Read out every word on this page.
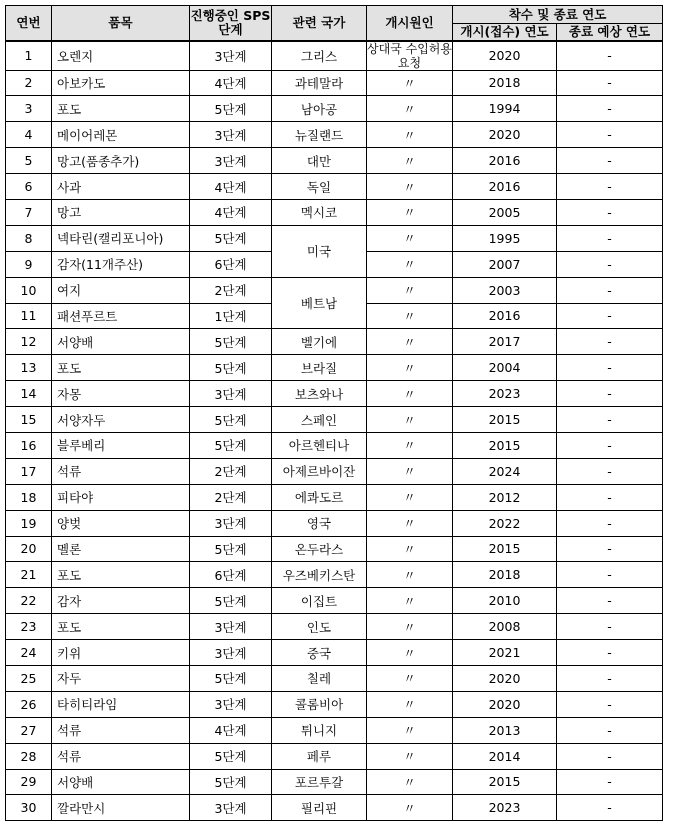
연번	품목	진행중인 SPS 단계	관련 국가	개시원인	착수 및 종료 연도	
					개시(접수) 연도	종료 예상 연도
1	오렌지	3단계	그리스	상대국 수입허용 요청	2020	-
2	아보카도	4단계	과테말라	〃	2018	-
3	포도	5단계	남아공	〃	1994	-
4	메이어레몬	3단계	뉴질랜드	〃	2020	-
5	망고(품종추가)	3단계	대만	〃	2016	-
6	사과	4단계	독일	〃	2016	-
7	망고	4단계	멕시코	〃	2005	-
8	넥타린(캘리포니아)	5단계	미국	〃	1995	-
9	감자(11개주산)	6단계		〃	2007	-
10	여지	2단계	베트남	〃	2003	-
11	패션푸르트	1단계		〃	2016	-
12	서양배	5단계	벨기에	〃	2017	-
13	포도	5단계	브라질	〃	2004	-
14	자몽	3단계	보츠와나	〃	2023	-
15	서양자두	5단계	스페인	〃	2015	-
16	블루베리	5단계	아르헨티나	〃	2015	-
17	석류	2단계	아제르바이잔	〃	2024	-
18	피타야	2단계	에콰도르	〃	2012	-
19	양벚	3단계	영국	〃	2022	-
20	멜론	5단계	온두라스	〃	2015	-
21	포도	6단계	우즈베키스탄	〃	2018	-
22	감자	5단계	이집트	〃	2010	-
23	포도	3단계	인도	〃	2008	-
24	키위	3단계	중국	〃	2021	-
25	자두	5단계	칠레	〃	2020	-
26	타히티라임	3단계	콜롬비아	〃	2020	-
27	석류	4단계	튀니지	〃	2013	-
28	석류	5단계	페루	〃	2014	-
29	서양배	5단계	포르투갈	〃	2015	-
30	깔라만시	3단계	필리핀	〃	2023	-
